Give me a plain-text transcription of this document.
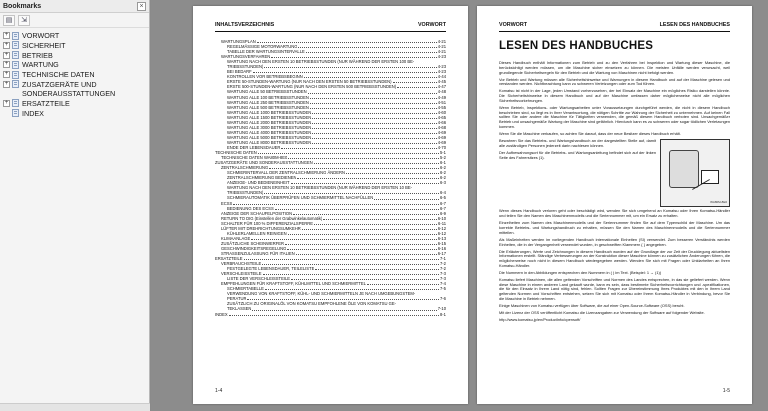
Bookmarks	×
▤	⇲
+ VORWORT
+ SICHERHEIT
+ BETRIEB
+ WARTUNG
+ TECHNISCHE DATEN
+ ZUSATZGERÄTE UND SONDERAUSSTATTUNGEN
+ ERSATZTEILE
INDEX
INHALTSVERZEICHNIS	VORWORT
WARTUNGSPLAN	4-21
REGELMÄSSIGE MOTORWARTUNG	4-21
TABELLE DER WARTUNGSINTERVALLE	4-21
WARTUNGSVERFAHREN	4-23
WARTUNG NACH DEN ERSTEN 10 BETRIEBSSTUNDEN (NUR WÄHREND DER ERSTEN 100 BE-
TRIEBSSTUNDEN)	4-23
BEI BEDARF	4-23
KONTROLLEN VOR BETRIEBSBEGINN	4-44
ERSTE 50-STUNDEN-WARTUNG (NUR NACH DEN ERSTEN 50 BETRIEBSSTUNDEN)	4-45
ERSTE 500-STUNDEN-WARTUNG (NUR NACH DEN ERSTEN 500 BETRIEBSSTUNDEN)	4-47
WARTUNG ALLE 50 BETRIEBSSTUNDEN	4-48
WARTUNG ALLE 100 BETRIEBSSTUNDEN	4-49
WARTUNG ALLE 250 BETRIEBSSTUNDEN	4-51
WARTUNG ALLE 500 BETRIEBSSTUNDEN	4-55
WARTUNG ALLE 1000 BETRIEBSSTUNDEN	4-60
WARTUNG ALLE 1500 BETRIEBSSTUNDEN	4-65
WARTUNG ALLE 2000 BETRIEBSSTUNDEN	4-66
WARTUNG ALLE 3000 BETRIEBSSTUNDEN	4-68
WARTUNG ALLE 4000 BETRIEBSSTUNDEN	4-69
WARTUNG ALLE 5000 BETRIEBSSTUNDEN	4-69
WARTUNG ALLE 8000 BETRIEBSSTUNDEN	4-69
ENDE DER LEBENSDAUER	4-70
TECHNISCHE DATEN	5-1
TECHNISCHE DATEN WA80M-8E0	5-2
ZUSATZGERÄTE UND SONDERAUSSTATTUNGEN	6-1
ZENTRALSCHMIERUNG	6-2
SCHMIERINTERVALL DER ZENTRALSCHMIERUNG ÄNDERN	6-2
ZENTRALSCHMIERUNG BEDIENEN	6-2
ANZEIGE- UND BEDIENEINHEIT	6-3
WARTUNG NACH DEN ERSTEN 10 BETRIEBSSTUNDEN (NUR WÄHREND DER ERSTEN 10 BE-
TRIEBSSTUNDEN)	6-4
SCHMIERAUTOMATIK ÜBERPRÜFEN UND SCHMIERMITTEL NACHFÜLLEN	6-5
ECSS	6-7
BEDIENUNG DES ECSS	6-7
ANZEIGE DER SCHAUFELPOSITION	6-9
RETURN TO DIG (Einstellen der Grabwinkelautomatik)	6-10
SCHALTER FÜR 100 % DIFFERENZIALSPERRE	6-11
LÜFTER MIT DREHRICHTUNGSUMKEHR	6-12
KÜHLERLAMELLEN REINIGEN	6-12
KLIMAANLAGE	6-13
ZUSÄTZLICHE SCHEINWERFER	6-15
GESCHWINDIGKEITSREGELUNG	6-16
STRASSENZULASSUNG FÜR ITALIEN	6-17
ERSATZTEILE	7-1
VERBRAUCHSTEILE	7-2
FESTGELEGTE LEBENSDAUER, TEILELISTE	7-2
VERSCHLEISSTEILE	7-3
LISTE DER VERSCHLEISSTEILE	7-3
EMPFEHLUNGEN FÜR KRAFTSTOFF, KÜHLMITTEL UND SCHMIERMITTEL	7-4
SCHMIERTABELLE	7-5
VERWENDUNG VON KRAFTSTOFF, KÜHL- UND SCHMIERMITTELN JE NACH UMGEBUNGSTEM-
PERATUR	7-6
ZUSÄTZLICH ZU ORIGINALÖL VON KOMATSU EMPFOHLENE ÖLE VON KOMATSU GE-
TEKLASSEN	7-10
INDEX	8-1
1-4
VORWORT	LESEN DES HANDBUCHES
LESEN DES HANDBUCHES

Dieses Handbuch enthält Informationen zum Betrieb und zu den Verfahren bei Inspektion und Wartung dieser Maschine, die berücksichtigt werden müssen, um die Maschine sicher einsetzen zu können. Die meisten Unfälle werden verursacht, weil grundlegende Sicherheitsregeln für den Betrieb und die Wartung von Maschinen nicht befolgt werden.

Vor Betrieb und Wartung müssen alle Sicherheitshinweise und Warnungen in diesem Handbuch und auf der Maschine gelesen und verstanden werden. Nichtbeachtung kann zu schweren Verletzungen oder zum Tod führen.

Komatsu ist nicht in der Lage, jeden Umstand vorherzusehen, der bei Einsatz der Maschine ein mögliches Risiko darstellen könnte. Die Sicherheitshinweise in diesem Handbuch und auf der Maschine umfassen daher möglicherweise nicht alle möglichen Sicherheitsvorkehrungen.

Wenn Betrieb, Inspektions- oder Wartungsarbeiten unter Voraussetzungen durchgeführt werden, die nicht in diesem Handbuch beschrieben sind, so liegt es in Ihrer Verantwortung, die nötigen Schritte zur Wahrung der Sicherheit zu unternehmen. Auf keinen Fall sollten Sie oder andere die Maschine für Tätigkeiten verwenden, die gemäß diesem Handbuch verboten sind. Unsachgemäßer Betrieb und unsachgemäße Wartung der Maschine sind gefährlich. Hierdurch kann es zu schweren oder sogar tödlichen Verletzungen kommen.

Wenn Sie die Maschine verkaufen, so achten Sie darauf, dass der neue Besitzer dieses Handbuch erhält.

Bewahren Sie das Betriebs- und Wartungshandbuch an der dargestellten Stelle auf, damit alle zuständigen Personen jederzeit darin nachlesen können.

Der Aufbewahrungsort für die Betriebs- und Wartungsanleitung befindet sich auf der linken Seite des Fahrersitzes (1).

WA80M-8E0

Wenn dieses Handbuch verloren geht oder beschädigt wird, wenden Sie sich umgehend an Komatsu oder Ihren Komatsu-Händler und teilen Sie den Namen des Maschinenmodells und die Seriennummer mit, um ein Ersatz zu erhalten.

Einzelheiten zum Namen des Maschinenmodells und der Seriennummer finden Sie auf dem Typenschild der Maschine. Um das korrekte Betriebs- und Wartungshandbuch zu erhalten, müssen Sie den Namen des Maschinenmodells und die Seriennummer mitteilen.

Als Maßeinheiten werden im vorliegenden Handbuch internationale Einheiten (SI) verwendet. Zum besseren Verständnis werden Einheiten, die in der Vergangenheit verwendet wurden, in geschweiften Klammern { } angegeben.

Die Erläuterungen, Werte und Zeichnungen in diesem Handbuch wurden auf der Grundlage der zur Zeit der Drucklegung aktuellsten Informationen erstellt. Ständige Verbesserungen an der Konstruktion dieser Maschine können zu zusätzlichen Änderungen führen, die möglicherweise noch nicht in diesem Handbuch wiedergegeben werden. Wenden Sie sich mit Fragen oder Unklarheiten an Ihren Komatsu-Händler.

Die Nummern in den Abbildungen entsprechen den Nummern in ( ) im Text. (Beispiel: 1 → (1))

Komatsu liefert Maschinen, die allen geltenden Vorschriften und Normen des Landes entsprechen, in das sie geliefert werden. Wenn diese Maschine in einem anderen Land gekauft wurde, kann es sein, dass bestimmte Sicherheitsvorrichtungen und -spezifikationen, die für den Einsatz in Ihrem Land nötig sind, fehlen. Sollten Fragen zur Übereinstimmung Ihres Produktes mit den in Ihrem Land geltenden Normen und Vorschriften entstehen, setzen Sie sich mit Komatsu oder Ihrem Komatsu-Händler in Verbindung, bevor Sie die Maschine in Betrieb nehmen.

Einige Maschinen von Komatsu verfügen über Software, die auf einer Open-Source-Software (OSS) beruht.

Mit der Lizenz der OSS veröffentlicht Komatsu die Lizenzangaben zur Verwendung der Software auf folgender Website.

http://www.komatsu.jp/en/ProductInfo/opensoft/

1-5
